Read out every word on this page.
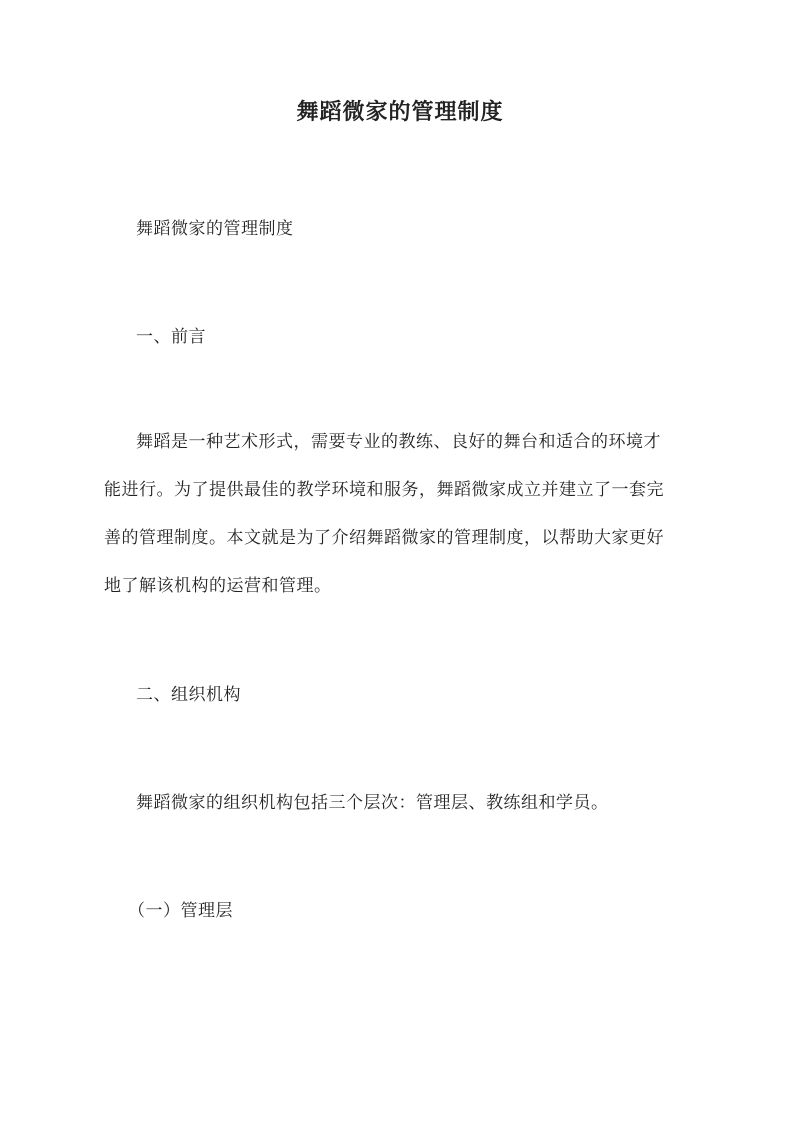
舞蹈微家的管理制度

舞蹈微家的管理制度

一、前言

舞蹈是一种艺术形式，需要专业的教练、良好的舞台和适合的环境才
能进行。为了提供最佳的教学环境和服务，舞蹈微家成立并建立了一套完
善的管理制度。本文就是为了介绍舞蹈微家的管理制度，以帮助大家更好
地了解该机构的运营和管理。

二、组织机构

舞蹈微家的组织机构包括三个层次：管理层、教练组和学员。

（一）管理层
